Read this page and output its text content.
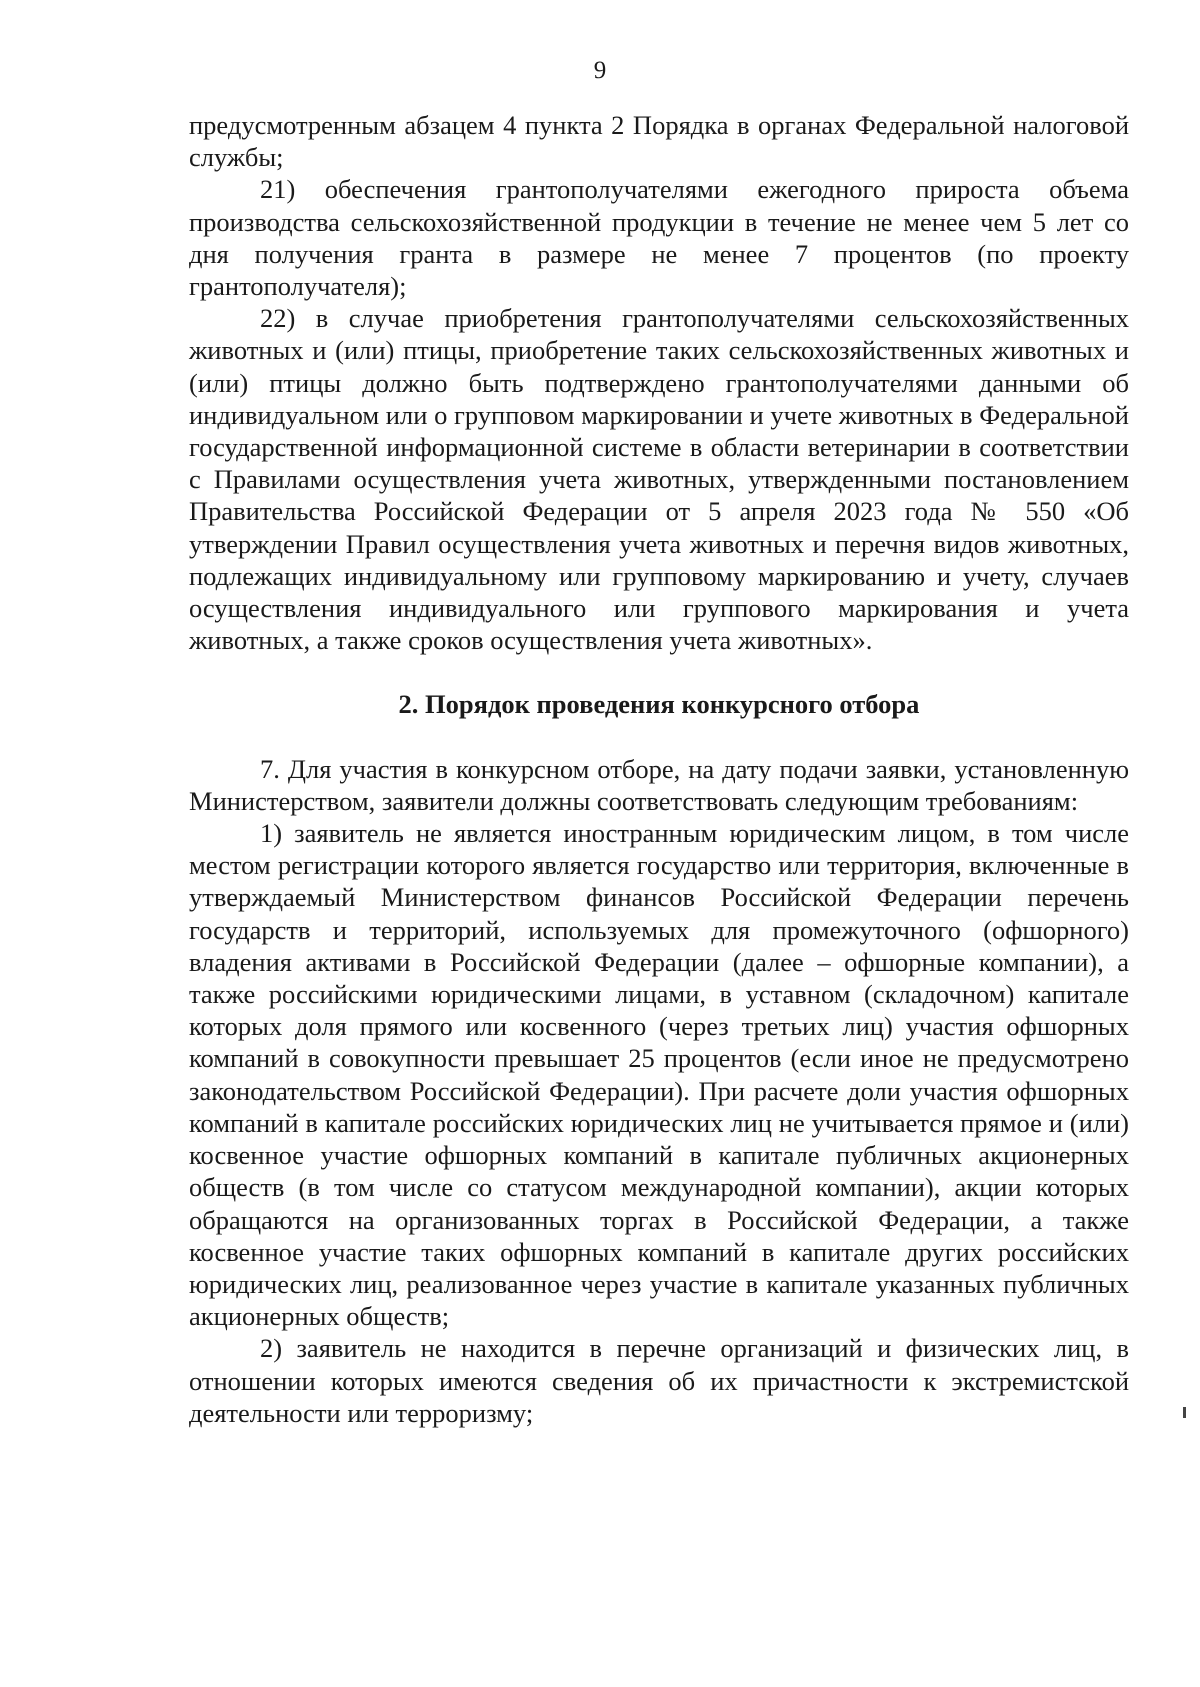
9

предусмотренным абзацем 4 пункта 2 Порядка в органах Федеральной налоговой службы;

21) обеспечения грантополучателями ежегодного прироста объема производства сельскохозяйственной продукции в течение не менее чем 5 лет со дня получения гранта в размере не менее 7 процентов (по проекту грантополучателя);

22) в случае приобретения грантополучателями сельскохозяйственных животных и (или) птицы, приобретение таких сельскохозяйственных животных и (или) птицы должно быть подтверждено грантополучателями данными об индивидуальном или о групповом маркировании и учете животных в Федеральной государственной информационной системе в области ветеринарии в соответствии с Правилами осуществления учета животных, утвержденными постановлением Правительства Российской Федерации от 5 апреля 2023 года № 550 «Об утверждении Правил осуществления учета животных и перечня видов животных, подлежащих индивидуальному или групповому маркированию и учету, случаев осуществления индивидуального или группового маркирования и учета животных, а также сроков осуществления учета животных».

2. Порядок проведения конкурсного отбора

7. Для участия в конкурсном отборе, на дату подачи заявки, установленную Министерством, заявители должны соответствовать следующим требованиям:

1) заявитель не является иностранным юридическим лицом, в том числе местом регистрации которого является государство или территория, включенные в утверждаемый Министерством финансов Российской Федерации перечень государств и территорий, используемых для промежуточного (офшорного) владения активами в Российской Федерации (далее – офшорные компании), а также российскими юридическими лицами, в уставном (складочном) капитале которых доля прямого или косвенного (через третьих лиц) участия офшорных компаний в совокупности превышает 25 процентов (если иное не предусмотрено законодательством Российской Федерации). При расчете доли участия офшорных компаний в капитале российских юридических лиц не учитывается прямое и (или) косвенное участие офшорных компаний в капитале публичных акционерных обществ (в том числе со статусом международной компании), акции которых обращаются на организованных торгах в Российской Федерации, а также косвенное участие таких офшорных компаний в капитале других российских юридических лиц, реализованное через участие в капитале указанных публичных акционерных обществ;

2) заявитель не находится в перечне организаций и физических лиц, в отношении которых имеются сведения об их причастности к экстремистской деятельности или терроризму;
